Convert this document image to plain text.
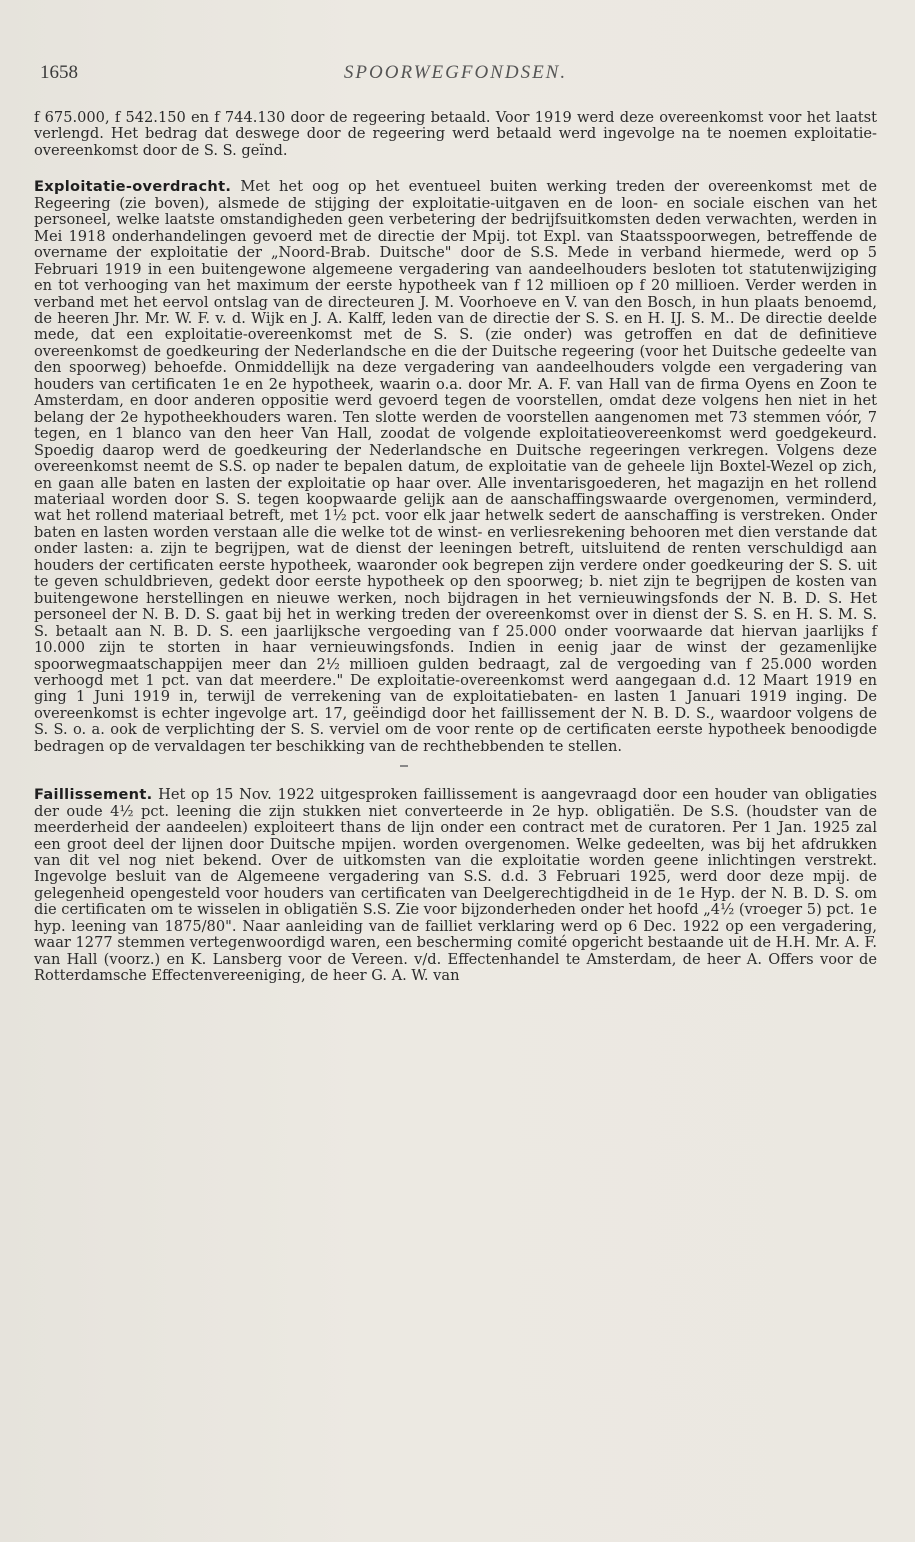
1658	SPOORWEGFONDSEN.

f 675.000, f 542.150 en f 744.130 door de regeering betaald. Voor 1919 werd deze overeenkomst voor het laatst verlengd. Het bedrag dat deswege door de regeering werd betaald werd ingevolge na te noemen exploitatie-overeenkomst door de S. S. geïnd.

Exploitatie-overdracht. Met het oog op het eventueel buiten werking treden der overeenkomst met de Regeering (zie boven), alsmede de stijging der exploitatie-uitgaven en de loon- en sociale eischen van het personeel, welke laatste omstandigheden geen verbetering der bedrijfsuitkomsten deden verwachten, werden in Mei 1918 onderhandelingen gevoerd met de directie der Mpij. tot Expl. van Staatsspoorwegen, betreffende de overname der exploitatie der „Noord-Brab. Duitsche" door de S.S. Mede in verband hiermede, werd op 5 Februari 1919 in een buitengewone algemeene vergadering van aandeelhouders besloten tot statutenwijziging en tot verhooging van het maximum der eerste hypotheek van f 12 millioen op f 20 millioen. Verder werden in verband met het eervol ontslag van de directeuren J. M. Voorhoeve en V. van den Bosch, in hun plaats benoemd, de heeren Jhr. Mr. W. F. v. d. Wijk en J. A. Kalff, leden van de directie der S. S. en H. IJ. S. M.. De directie deelde mede, dat een exploitatie-overeenkomst met de S. S. (zie onder) was getroffen en dat de definitieve overeenkomst de goedkeuring der Nederlandsche en die der Duitsche regeering (voor het Duitsche gedeelte van den spoorweg) behoefde. Onmiddellijk na deze vergadering van aandeelhouders volgde een vergadering van houders van certificaten 1e en 2e hypotheek, waarin o.a. door Mr. A. F. van Hall van de firma Oyens en Zoon te Amsterdam, en door anderen oppositie werd gevoerd tegen de voorstellen, omdat deze volgens hen niet in het belang der 2e hypotheekhouders waren. Ten slotte werden de voorstellen aangenomen met 73 stemmen vóór, 7 tegen, en 1 blanco van den heer Van Hall, zoodat de volgende exploitatieovereenkomst werd goedgekeurd. Spoedig daarop werd de goedkeuring der Nederlandsche en Duitsche regeeringen verkregen. Volgens deze overeenkomst neemt de S.S. op nader te bepalen datum, de exploitatie van de geheele lijn Boxtel-Wezel op zich, en gaan alle baten en lasten der exploitatie op haar over. Alle inventarisgoederen, het magazijn en het rollend materiaal worden door S. S. tegen koopwaarde gelijk aan de aanschaffingswaarde overgenomen, verminderd, wat het rollend materiaal betreft, met 1½ pct. voor elk jaar hetwelk sedert de aanschaffing is verstreken. Onder baten en lasten worden verstaan alle die welke tot de winst- en verliesrekening behooren met dien verstande dat onder lasten: a. zijn te begrijpen, wat de dienst der leeningen betreft, uitsluitend de renten verschuldigd aan houders der certificaten eerste hypotheek, waaronder ook begrepen zijn verdere onder goedkeuring der S. S. uit te geven schuldbrieven, gedekt door eerste hypotheek op den spoorweg; b. niet zijn te begrijpen de kosten van buitengewone herstellingen en nieuwe werken, noch bijdragen in het vernieuwingsfonds der N. B. D. S. Het personeel der N. B. D. S. gaat bij het in werking treden der overeenkomst over in dienst der S. S. en H. S. M. S. S. betaalt aan N. B. D. S. een jaarlijksche vergoeding van f 25.000 onder voorwaarde dat hiervan jaarlijks f 10.000 zijn te storten in haar vernieuwingsfonds. Indien in eenig jaar de winst der gezamenlijke spoorwegmaatschappijen meer dan 2½ millioen gulden bedraagt, zal de vergoeding van f 25.000 worden verhoogd met 1 pct. van dat meerdere." De exploitatie-overeenkomst werd aangegaan d.d. 12 Maart 1919 en ging 1 Juni 1919 in, terwijl de verrekening van de exploitatiebaten- en lasten 1 Januari 1919 inging. De overeenkomst is echter ingevolge art. 17, geëindigd door het faillissement der N. B. D. S., waardoor volgens de S. S. o. a. ook de verplichting der S. S. verviel om de voor rente op de certificaten eerste hypotheek benoodigde bedragen op de vervaldagen ter beschikking van de rechthebbenden te stellen.

Faillissement. Het op 15 Nov. 1922 uitgesproken faillissement is aangevraagd door een houder van obligaties der oude 4½ pct. leening die zijn stukken niet converteerde in 2e hyp. obligatiën. De S.S. (houdster van de meerderheid der aandeelen) exploiteert thans de lijn onder een contract met de curatoren. Per 1 Jan. 1925 zal een groot deel der lijnen door Duitsche mpijen. worden overgenomen. Welke gedeelten, was bij het afdrukken van dit vel nog niet bekend. Over de uitkomsten van die exploitatie worden geene inlichtingen verstrekt. Ingevolge besluit van de Algemeene vergadering van S.S. d.d. 3 Februari 1925, werd door deze mpij. de gelegenheid opengesteld voor houders van certificaten van Deelgerechtigdheid in de 1e Hyp. der N. B. D. S. om die certificaten om te wisselen in obligatiën S.S. Zie voor bijzonderheden onder het hoofd „4½ (vroeger 5) pct. 1e hyp. leening van 1875/80". Naar aanleiding van de failliet verklaring werd op 6 Dec. 1922 op een vergadering, waar 1277 stemmen vertegenwoordigd waren, een bescherming comité opgericht bestaande uit de H.H. Mr. A. F. van Hall (voorz.) en K. Lansberg voor de Vereen. v/d. Effectenhandel te Amsterdam, de heer A. Offers voor de Rotterdamsche Effectenvereeniging, de heer G. A. W. van
